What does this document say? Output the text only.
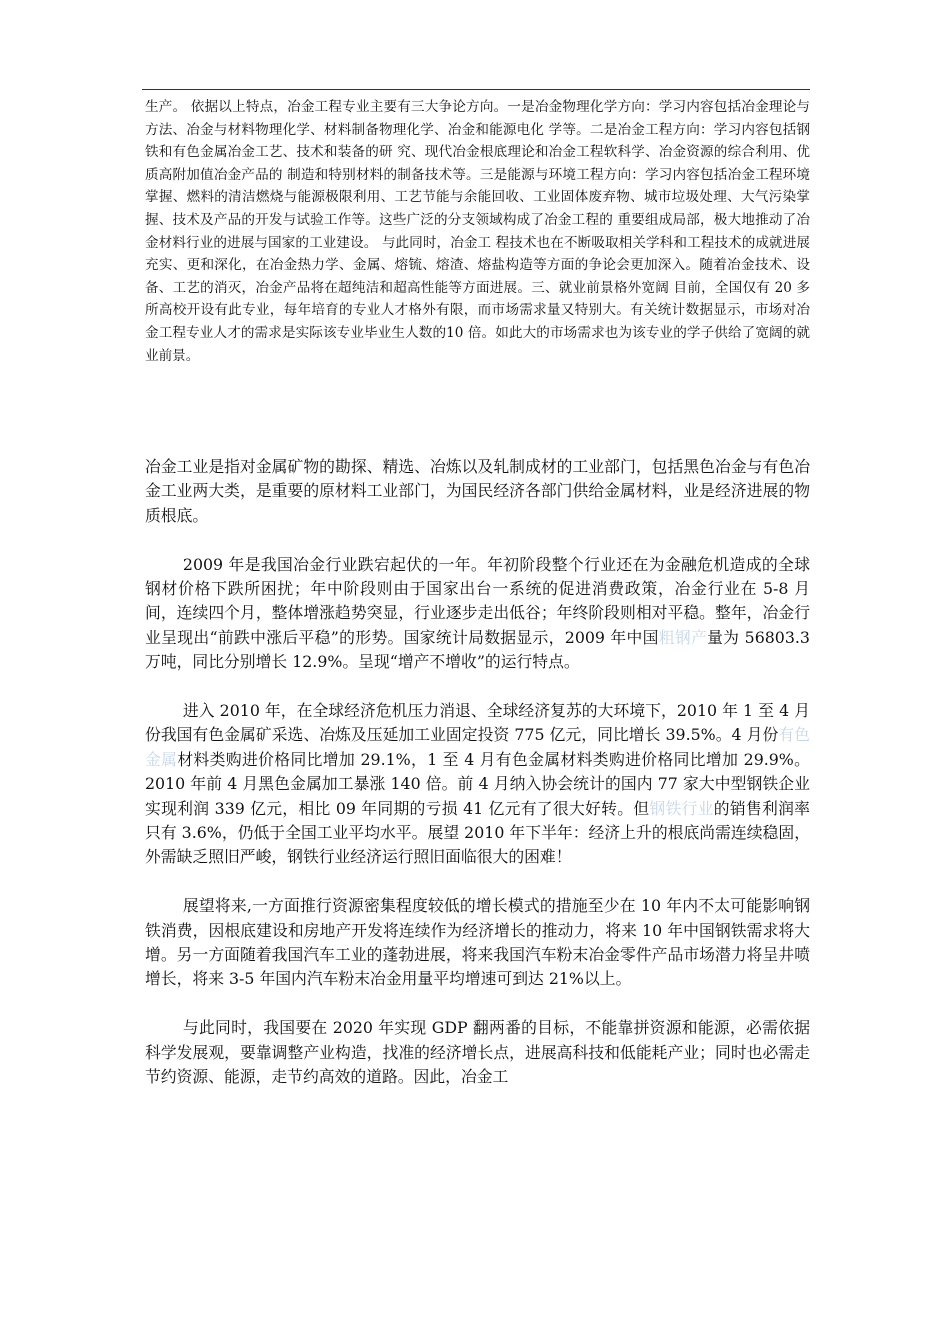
生产。 依据以上特点，冶金工程专业主要有三大争论方向。一是冶金物理化学方向：学习内容包括冶金理论与方法、冶金与材料物理化学、材料制备物理化学、冶金和能源电化 学等。二是冶金工程方向：学习内容包括钢铁和有色金属冶金工艺、技术和装备的研 究、现代冶金根底理论和冶金工程软科学、冶金资源的综合利用、优质高附加值冶金产品的 制造和特别材料的制备技术等。三是能源与环境工程方向：学习内容包括冶金工程环境掌握、燃料的清洁燃烧与能源极限利用、工艺节能与余能回收、工业固体废弃物、城市垃圾处理、大气污染掌握、技术及产品的开发与试验工作等。这些广泛的分支领域构成了冶金工程的 重要组成局部，极大地推动了冶金材料行业的进展与国家的工业建设。 与此同时，冶金工 程技术也在不断吸取相关学科和工程技术的成就进展充实、更和深化，在冶金热力学、金属、熔锍、熔渣、熔盐构造等方面的争论会更加深入。随着冶金技术、设备、工艺的消灭，冶金产品将在超纯洁和超高性能等方面进展。三、就业前景格外宽阔 目前，全国仅有 20 多所高校开设有此专业，每年培育的专业人才格外有限，而市场需求量又特别大。有关统计数据显示，市场对冶金工程专业人才的需求是实际该专业毕业生人数的10 倍。如此大的市场需求也为该专业的学子供给了宽阔的就业前景。

冶金工业是指对金属矿物的勘探、精选、冶炼以及轧制成材的工业部门，包括黑色冶金与有色冶金工业两大类，是重要的原材料工业部门，为国民经济各部门供给金属材料，业是经济进展的物质根底。

2009 年是我国冶金行业跌宕起伏的一年。年初阶段整个行业还在为金融危机造成的全球钢材价格下跌所困扰；年中阶段则由于国家出台一系统的促进消费政策，冶金行业在 5-8 月间，连续四个月，整体增涨趋势突显，行业逐步走出低谷；年终阶段则相对平稳。整年，冶金行业呈现出“前跌中涨后平稳”的形势。国家统计局数据显示，2009 年中国粗钢产量为 56803.3 万吨，同比分别增长 12.9%。呈现“增产不增收”的运行特点。

进入 2010 年，在全球经济危机压力消退、全球经济复苏的大环境下，2010 年 1 至 4 月份我国有色金属矿采选、冶炼及压延加工业固定投资 775 亿元，同比增长 39.5%。4 月份有色金属材料类购进价格同比增加 29.1%，1 至 4 月有色金属材料类购进价格同比增加 29.9%。2010 年前 4 月黑色金属加工暴涨 140 倍。前 4 月纳入协会统计的国内 77 家大中型钢铁企业实现利润 339 亿元，相比 09 年同期的亏损 41 亿元有了很大好转。但钢铁行业的销售利润率只有 3.6%，仍低于全国工业平均水平。展望 2010 年下半年：经济上升的根底尚需连续稳固，外需缺乏照旧严峻，钢铁行业经济运行照旧面临很大的困难！

展望将来,一方面推行资源密集程度较低的增长模式的措施至少在 10 年内不太可能影响钢铁消费，因根底建设和房地产开发将连续作为经济增长的推动力，将来 10 年中国钢铁需求将大增。另一方面随着我国汽车工业的蓬勃进展，将来我国汽车粉末冶金零件产品市场潜力将呈井喷增长，将来 3-5 年国内汽车粉末冶金用量平均增速可到达 21%以上。

与此同时，我国要在 2020 年实现 GDP 翻两番的目标，不能靠拼资源和能源，必需依据科学发展观，要靠调整产业构造，找准的经济增长点，进展高科技和低能耗产业；同时也必需走节约资源、能源，走节约高效的道路。因此，冶金工
